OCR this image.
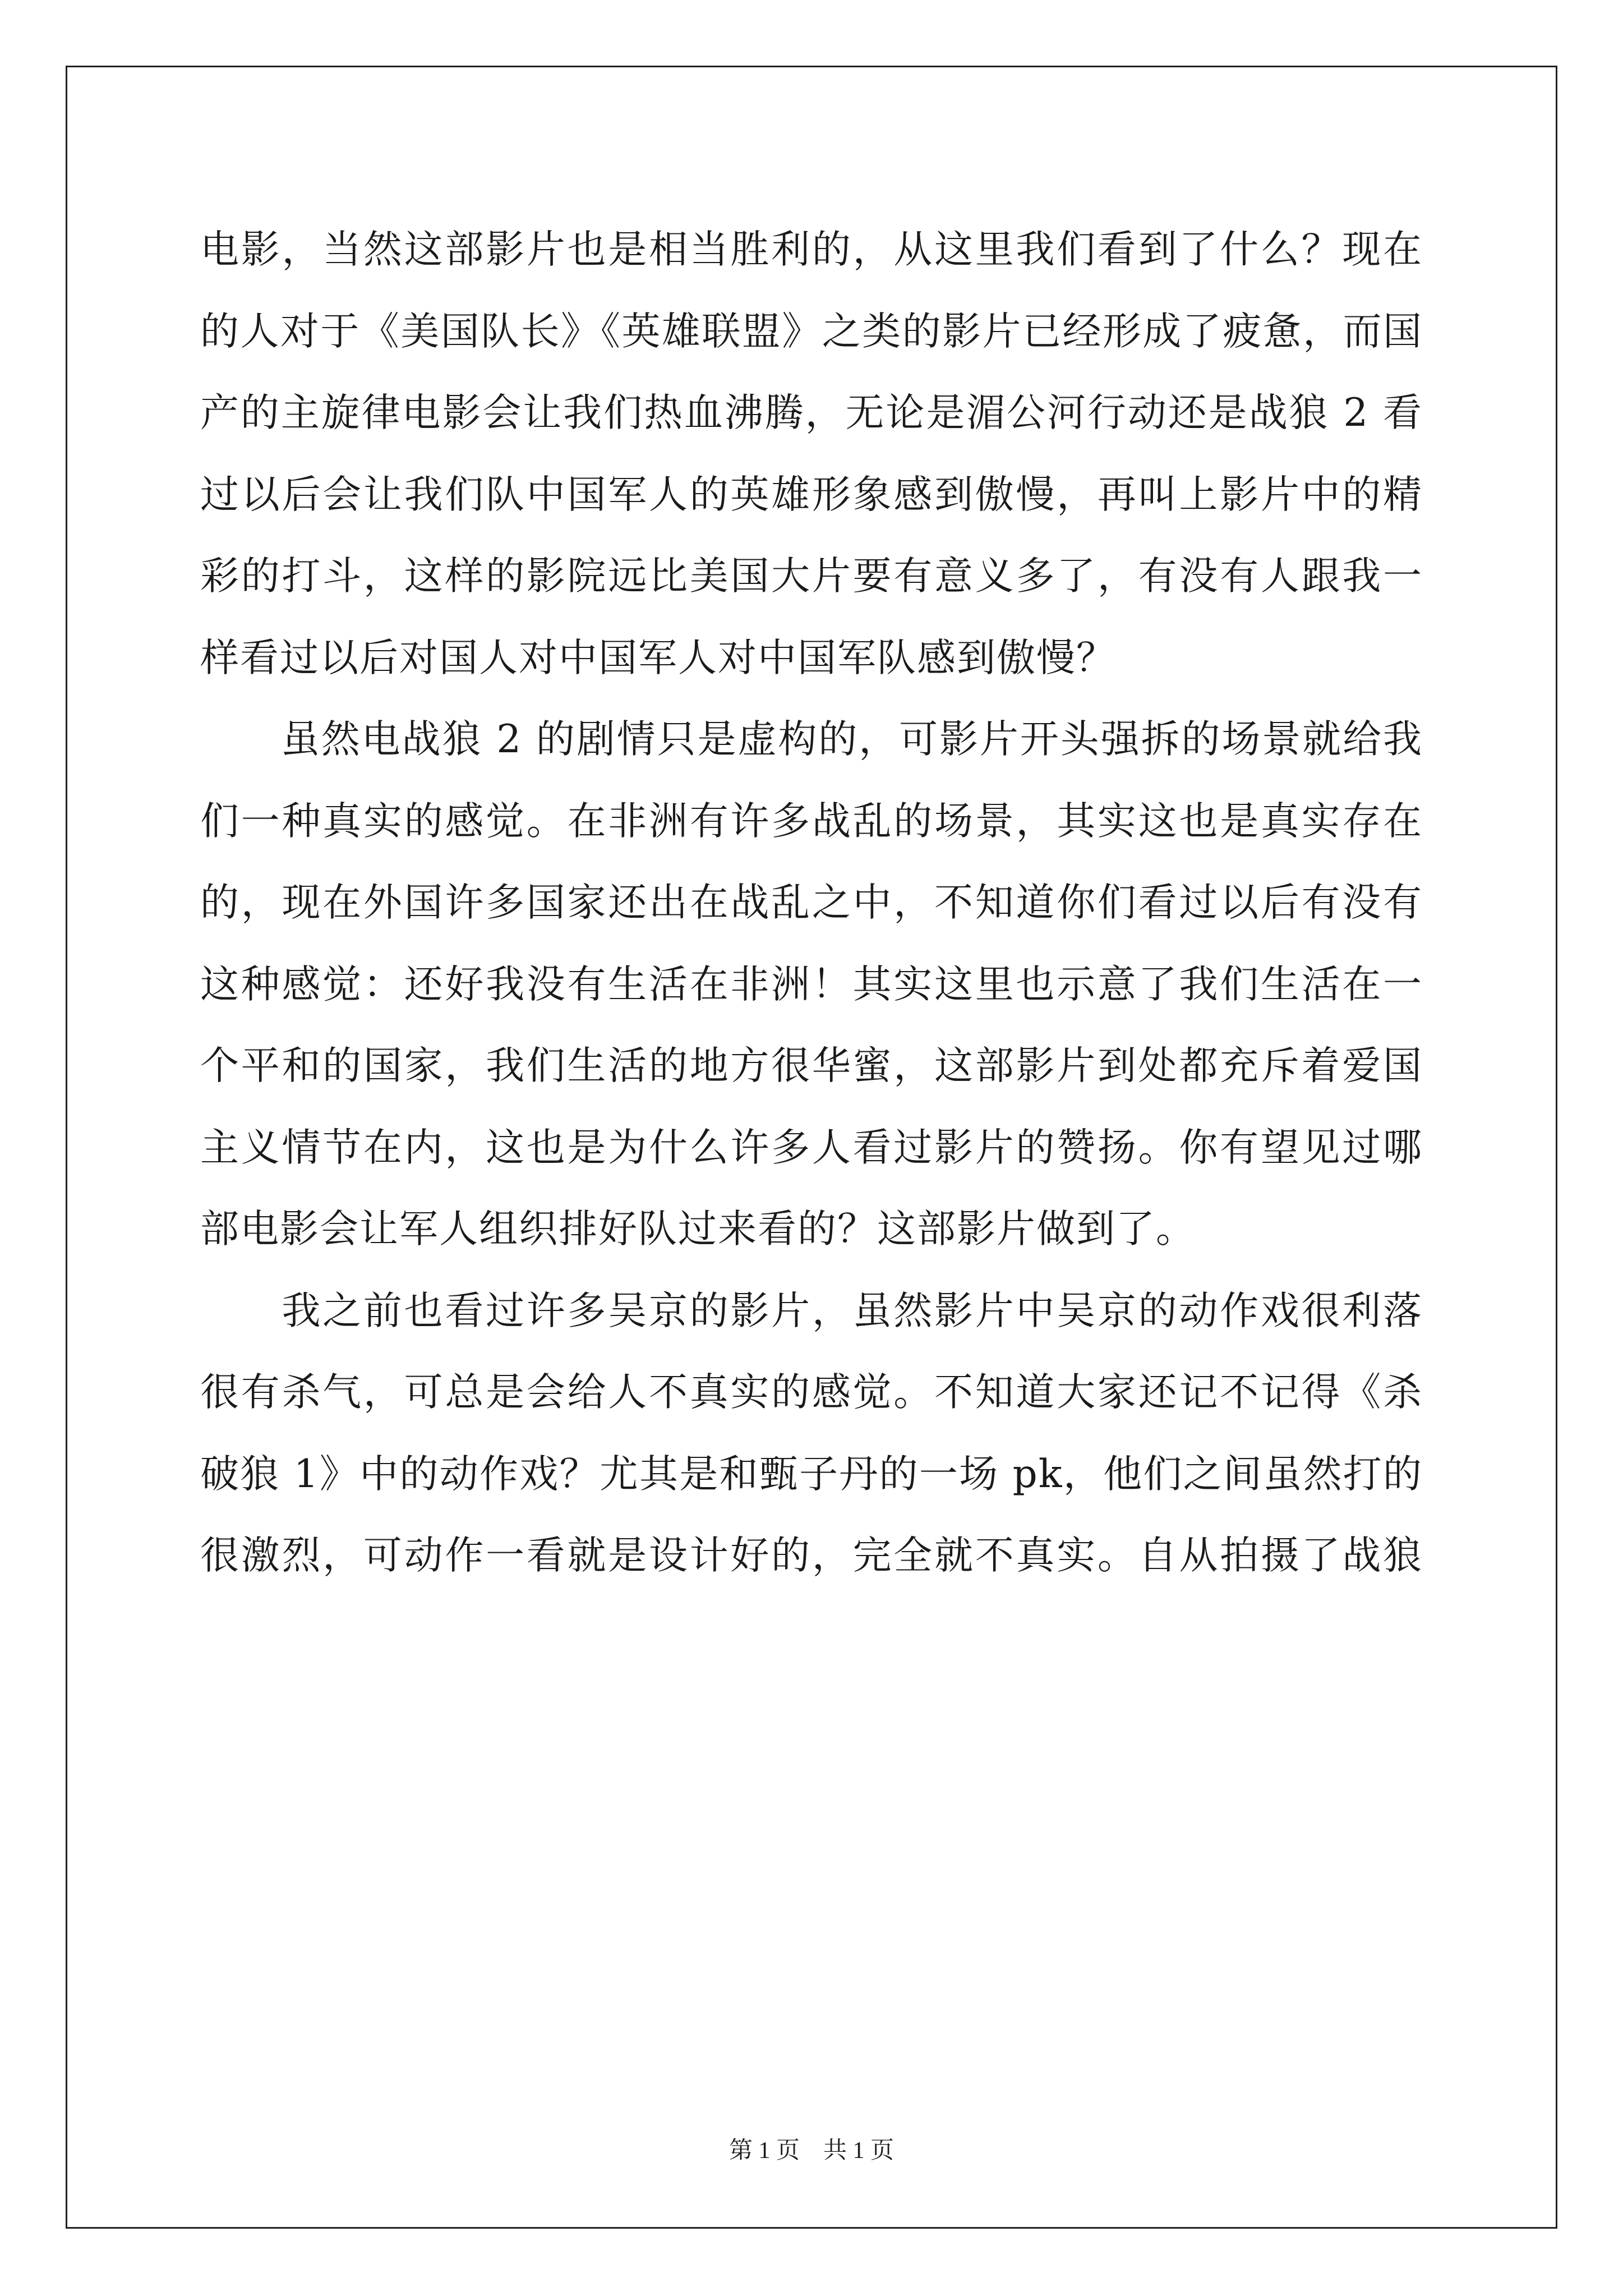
电影，当然这部影片也是相当胜利的，从这里我们看到了什么？现在
的人对于《美国队长》《英雄联盟》之类的影片已经形成了疲惫，而国
产的主旋律电影会让我们热血沸腾，无论是湄公河行动还是战狼 2 看
过以后会让我们队中国军人的英雄形象感到傲慢，再叫上影片中的精
彩的打斗，这样的影院远比美国大片要有意义多了，有没有人跟我一
样看过以后对国人对中国军人对中国军队感到傲慢？
　　虽然电战狼 2 的剧情只是虚构的，可影片开头强拆的场景就给我
们一种真实的感觉。在非洲有许多战乱的场景，其实这也是真实存在
的，现在外国许多国家还出在战乱之中，不知道你们看过以后有没有
这种感觉：还好我没有生活在非洲！其实这里也示意了我们生活在一
个平和的国家，我们生活的地方很华蜜，这部影片到处都充斥着爱国
主义情节在内，这也是为什么许多人看过影片的赞扬。你有望见过哪
部电影会让军人组织排好队过来看的？这部影片做到了。
　　我之前也看过许多吴京的影片，虽然影片中吴京的动作戏很利落
很有杀气，可总是会给人不真实的感觉。不知道大家还记不记得《杀
破狼 1》中的动作戏？尤其是和甄子丹的一场 pk，他们之间虽然打的
很激烈，可动作一看就是设计好的，完全就不真实。自从拍摄了战狼
第 1 页　共 1 页
